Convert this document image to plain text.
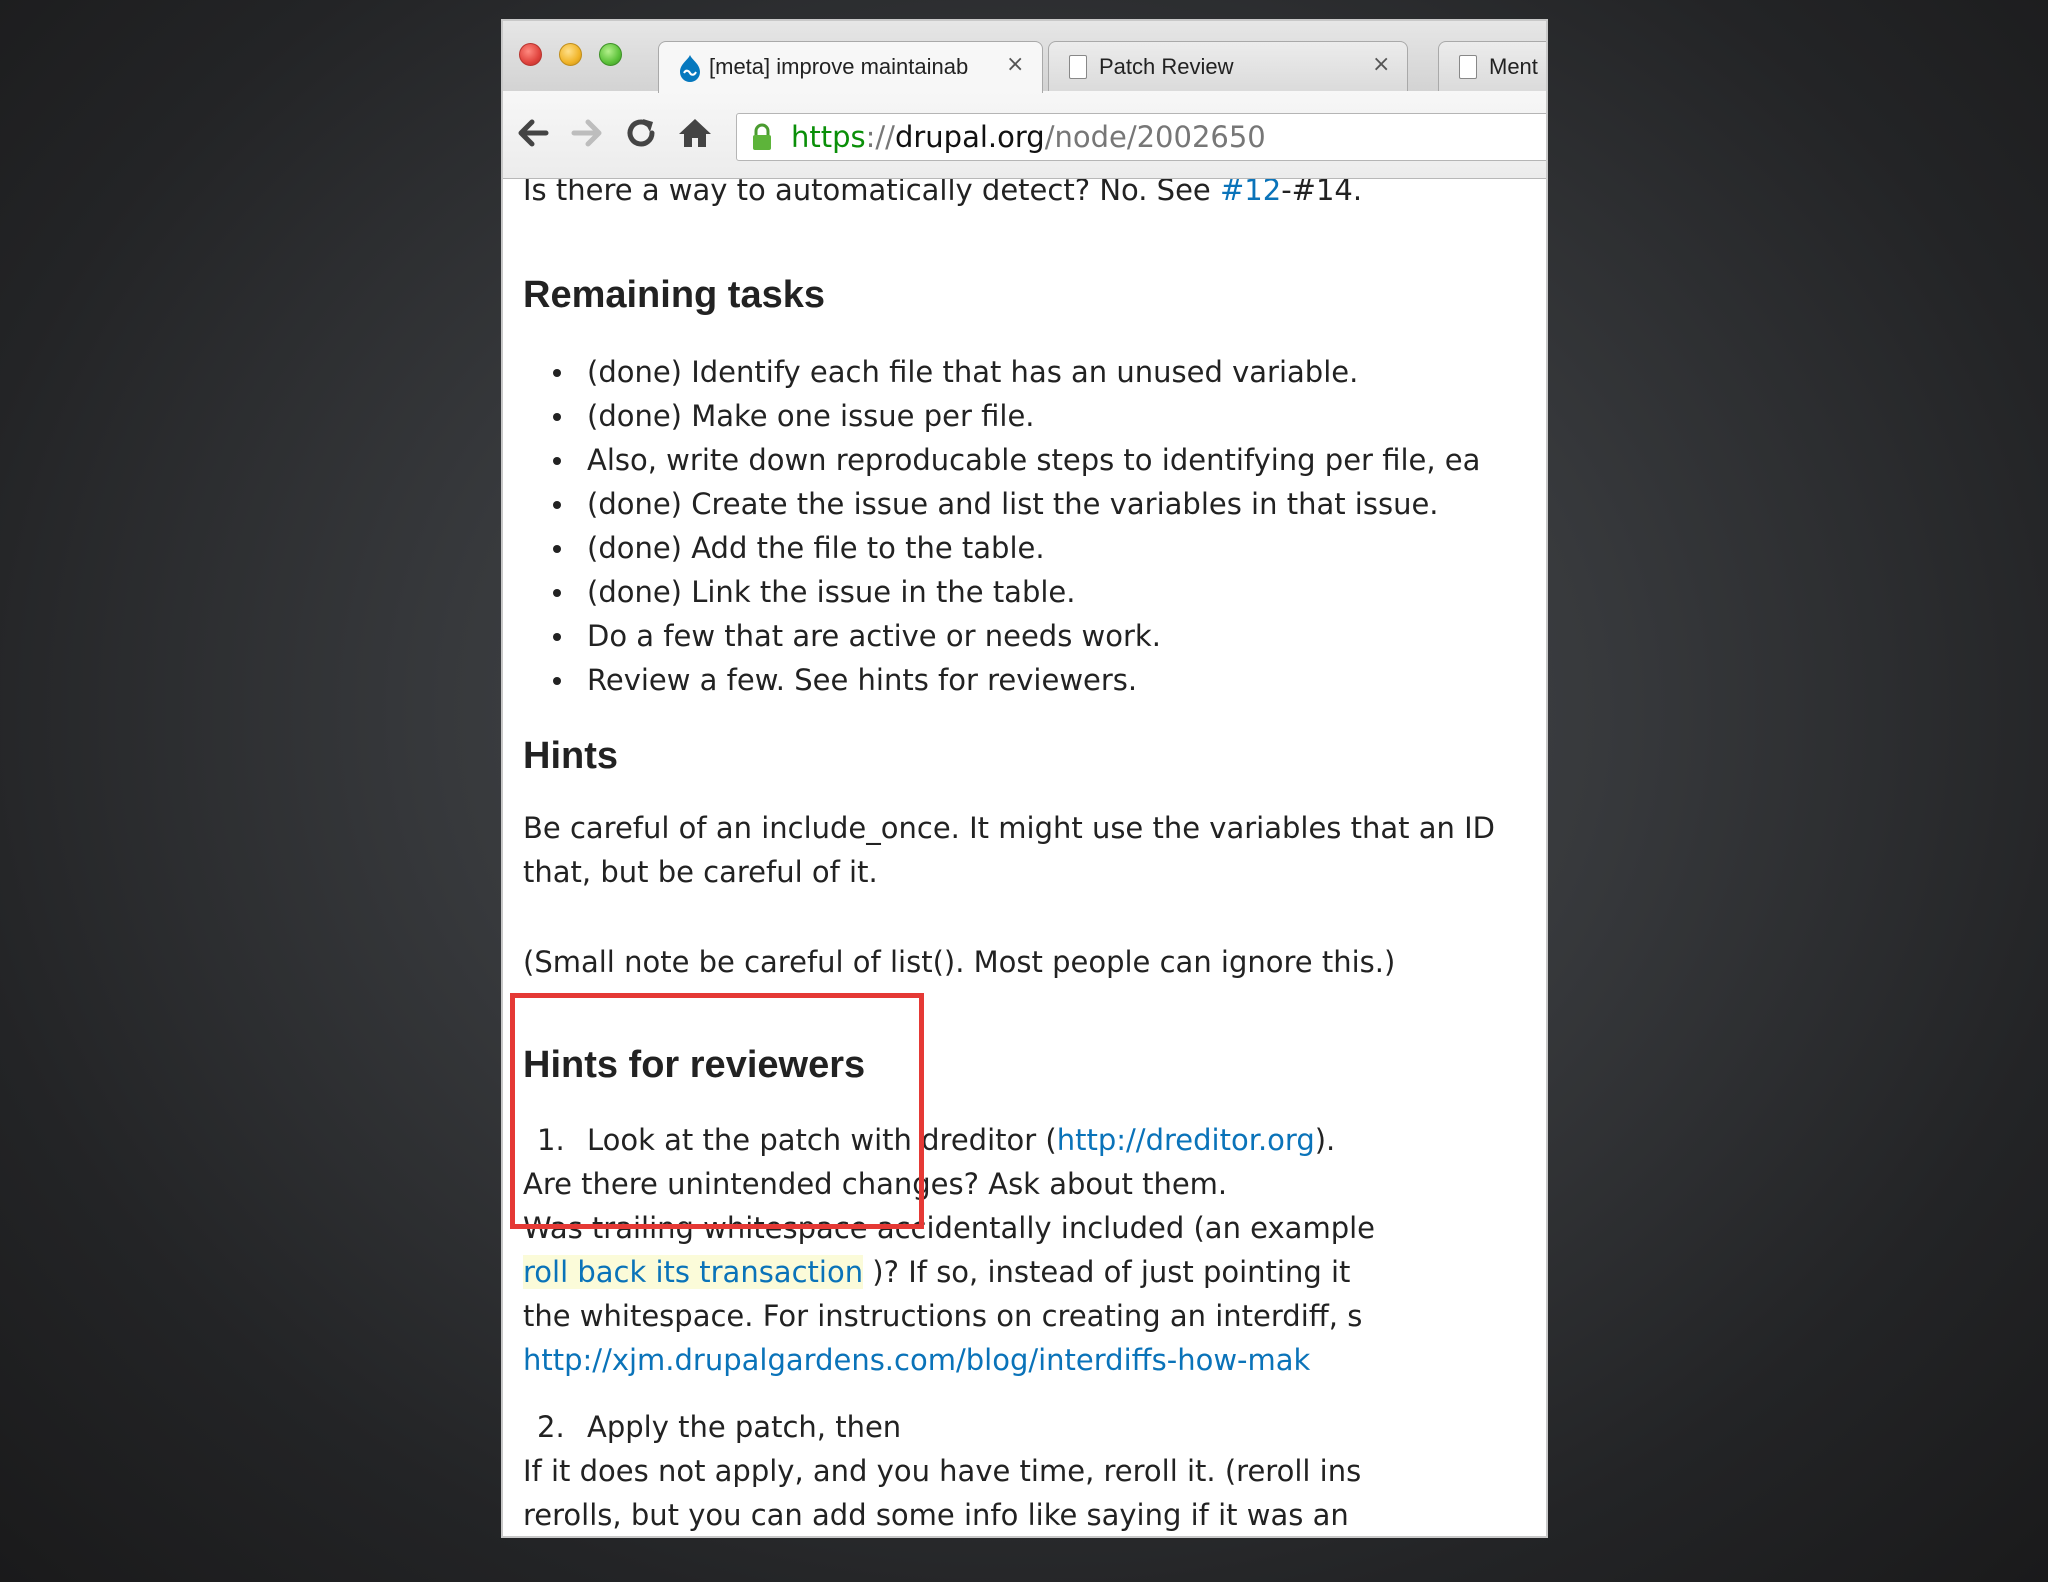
[meta] improve maintainab	×	Patch Review	×	Ment
https://drupal.org/node/2002650

Is there a way to automatically detect? No. See #12-#14.

Remaining tasks
(done) Identify each file that has an unused variable.
(done) Make one issue per file.
Also, write down reproducable steps to identifying per file, ea
(done) Create the issue and list the variables in that issue.
(done) Add the file to the table.
(done) Link the issue in the table.
Do a few that are active or needs work.
Review a few. See hints for reviewers.
Hints

Be careful of an include_once. It might use the variables that an ID

that, but be careful of it.

(Small note be careful of list(). Most people can ignore this.)

Hints for reviewers
1. Look at the patch with dreditor (http://dreditor.org).

Are there unintended changes? Ask about them.

Was trailing whitespace accidentally included (an example

roll back its transaction )? If so, instead of just pointing it

the whitespace. For instructions on creating an interdiff, s

http://xjm.drupalgardens.com/blog/interdiffs-how-mak

2. Apply the patch, then

If it does not apply, and you have time, reroll it. (reroll ins

rerolls, but you can add some info like saying if it was an
